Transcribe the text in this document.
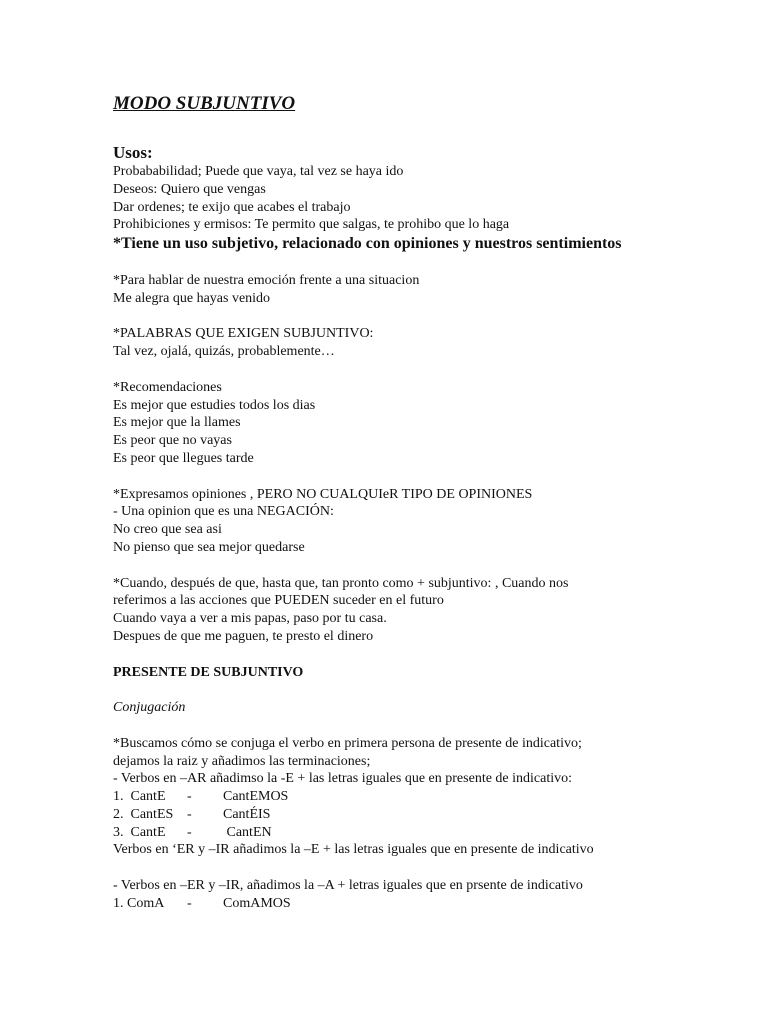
MODO SUBJUNTIVO
Usos:
Probababilidad; Puede que vaya, tal vez se haya ido
Deseos: Quiero que vengas
Dar ordenes; te exijo que acabes el trabajo
Prohibiciones y ermisos: Te permito que salgas, te prohibo que lo haga
*Tiene un uso subjetivo, relacionado con opiniones y nuestros sentimientos
*Para hablar de nuestra emoción frente a una situacion
Me alegra que hayas venido
*PALABRAS QUE EXIGEN SUBJUNTIVO:
Tal vez, ojalá, quizás, probablemente…
*Recomendaciones
Es mejor que estudies todos los dias
Es mejor que la llames
Es peor que no vayas
Es peor que llegues tarde
*Expresamos opiniones , PERO NO CUALQUIeR TIPO DE OPINIONES
- Una opinion que es una NEGACIÓN:
No creo que sea asi
No pienso que sea mejor quedarse
*Cuando, después de que, hasta que, tan pronto como + subjuntivo: , Cuando nos
referimos a las acciones que PUEDEN suceder en el futuro
Cuando vaya a ver a mis papas, paso por tu casa.
Despues de que me paguen, te presto el dinero
PRESENTE DE SUBJUNTIVO
Conjugación
*Buscamos cómo se conjuga el verbo en primera persona de presente de indicativo;
dejamos la raiz y añadimos las terminaciones;
- Verbos en –AR añadimso la -E + las letras iguales que en presente de indicativo:
1.  CantE	-	CantEMOS
2.  CantES -	CantÉIS
3.  CantE	-	CantEN
Verbos en ‘ER y –IR añadimos la –E + las letras iguales que en presente de indicativo
- Verbos en –ER y –IR, añadimos la –A + letras iguales que en prsente de indicativo
1. ComA	-	ComAMOS
